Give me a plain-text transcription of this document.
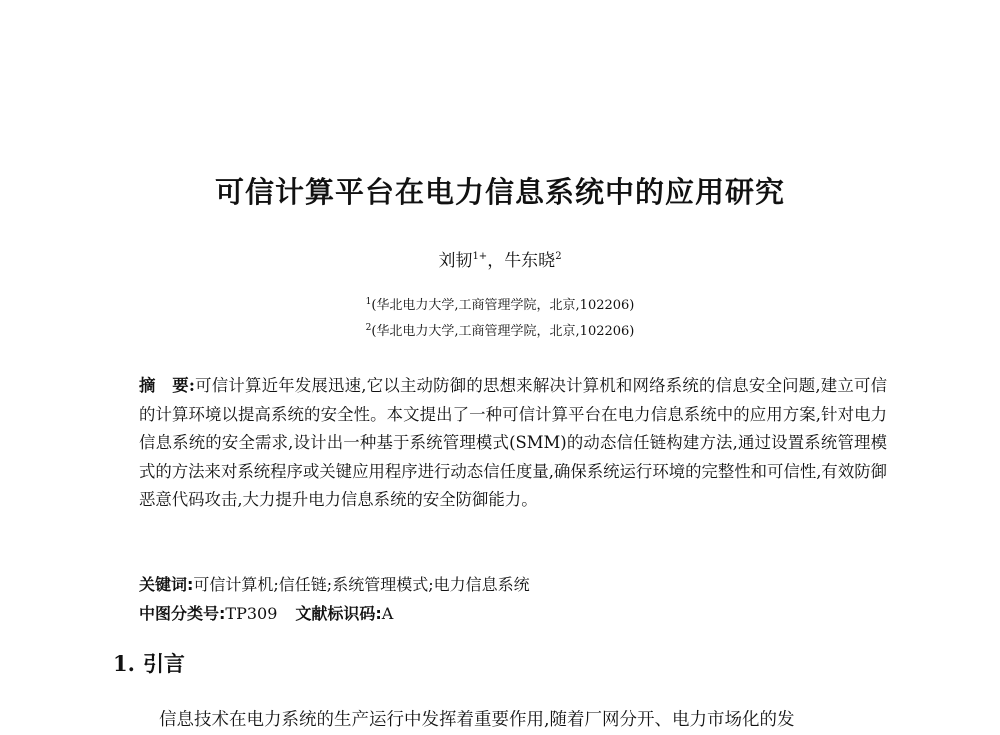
可信计算平台在电力信息系统中的应用研究
刘韧$^{1+}$，牛东晓$^2$
$^1$(华北电力大学,工商管理学院，北京,102206)
$^2$(华北电力大学,工商管理学院，北京,102206)
摘　要:可信计算近年发展迅速,它以主动防御的思想来解决计算机和网络系统的信息安全问题,建立可信的计算环境以提高系统的安全性。本文提出了一种可信计算平台在电力信息系统中的应用方案,针对电力信息系统的安全需求,设计出一种基于系统管理模式(SMM)的动态信任链构建方法,通过设置系统管理模式的方法来对系统程序或关键应用程序进行动态信任度量,确保系统运行环境的完整性和可信性,有效防御恶意代码攻击,大力提升电力信息系统的安全防御能力。
关键词:可信计算机;信任链;系统管理模式;电力信息系统
中图分类号:TP309 文献标识码:A
1. 引言
信息技术在电力系统的生产运行中发挥着重要作用,随着厂网分开、电力市场化的发
